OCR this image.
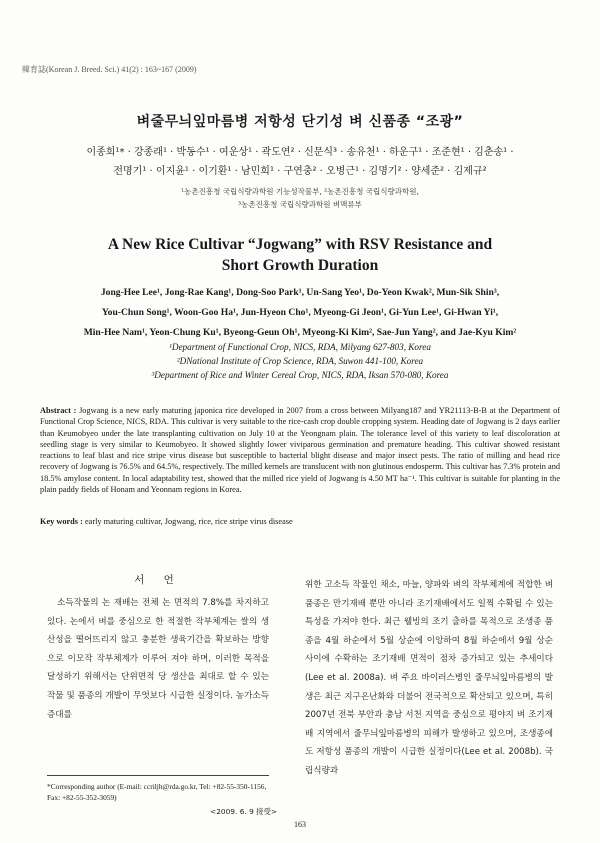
韓育誌(Korean J. Breed. Sci.) 41(2) : 163~167 (2009)
벼줄무늬잎마름병 저항성 단기성 벼 신품종 “조광”
이종희¹* · 강종래¹ · 박동수¹ · 여운상¹ · 곽도연² · 신문식³ · 송유천¹ · 하운구¹ · 조준현¹ · 김춘송¹ ·
전명기¹ · 이지윤¹ · 이기환¹ · 남민희¹ · 구연충² · 오병근¹ · 김명기² · 양세준² · 김제규²
¹농촌진흥청 국립식량과학원 기능성작물부, ²농촌진흥청 국립식량과학원,
³농촌진흥청 국립식량과학원 벼맥류부
A New Rice Cultivar “Jogwang” with RSV Resistance and
Short Growth Duration
Jong-Hee Lee¹, Jong-Rae Kang¹, Dong-Soo Park¹, Un-Sang Yeo¹, Do-Yeon Kwak², Mun-Sik Shin³,
You-Chun Song¹, Woon-Goo Ha¹, Jun-Hyeon Cho¹, Myeong-Gi Jeon¹, Gi-Yun Lee¹, Gi-Hwan Yi¹,
Min-Hee Nam¹, Yeon-Chung Ku¹, Byeong-Geun Oh¹, Myeong-Ki Kim², Sae-Jun Yang², and Jae-Kyu Kim²
¹Department of Functional Crop, NICS, RDA, Milyang 627-803, Korea
²DNational Institute of Crop Science, RDA, Suwon 441-100, Korea
³Department of Rice and Winter Cereal Crop, NICS, RDA, Iksan 570-080, Korea
Abstract : Jogwang is a new early maturing japonica rice developed in 2007 from a cross between Milyang187 and YR21113-B-B at the Department of Functional Crop Science, NICS, RDA. This cultivar is very suitable to the rice-cash crop double cropping system. Heading date of Jogwang is 2 days earlier than Keumobyeo under the late transplanting cultivation on July 10 at the Yeongnam plain. The tolerance level of this variety to leaf discoloration at seedling stage is very similar to Keumobyeo. It showed slightly lower viviparous germination and premature heading. This cultivar showed resistant reactions to leaf blast and rice stripe virus disease but susceptible to bacterial blight disease and major insect pests. The ratio of milling and head rice recovery of Jogwang is 76.5% and 64.5%, respectively. The milled kernels are translucent with non glutinous endosperm. This cultivar has 7.3% protein and 18.5% amylose content. In local adaptability test, showed that the milled rice yield of Jogwang is 4.50 MT ha⁻¹. This cultivar is suitable for planting in the plain paddy fields of Honam and Yeonnam regions in Korea.
Key words : early maturing cultivar, Jogwang, rice, rice stripe virus disease
서 언
소득작물의 논 재배는 전체 논 면적의 7.8%를 차지하고 있다. 논에서 벼를 중심으로 한 적절한 작부체계는 쌀의 생산성을 떨어뜨리지 않고 충분한 생육기간을 확보하는 방향으로 이모작 작부체계가 이루어 져야 하며, 이러한 목적을 달성하기 위해서는 단위면적 당 생산을 최대로 할 수 있는 작물 및 품종의 개발이 무엇보다 시급한 실정이다. 농가소득 증대를
위한 고소득 작물인 채소, 마늘, 양파와 벼의 작부체계에 적합한 벼 품종은 만기재배 뿐만 아니라 조기재배에서도 일찍 수확될 수 있는 특성을 가져야 한다. 최근 웰빙의 조기 출하를 목적으로 조생종 품종을 4월 하순에서 5월 상순에 이앙하여 8월 하순에서 9월 상순 사이에 수확하는 조기재배 면적이 점차 증가되고 있는 추세이다(Lee et al. 2008a). 벼 주요 바이러스병인 줄무늬잎마름병의 발생은 최근 지구온난화와 더불어 전국적으로 확산되고 있으며, 특히 2007년 전북 부안과 충남 서천 지역을 중심으로 평야지 벼 조기재배 지역에서 줄무늬잎마름병의 피해가 발생하고 있으며, 조생종에도 저항성 품종의 개발이 시급한 실정이다(Lee et al. 2008b). 국립식량과
*Corresponding author (E-mail: ccriljh@rda.go.kr, Tel: +82-55-350-1156, Fax: +82-55-352-3059)
<2009. 6. 9 接受>
163
